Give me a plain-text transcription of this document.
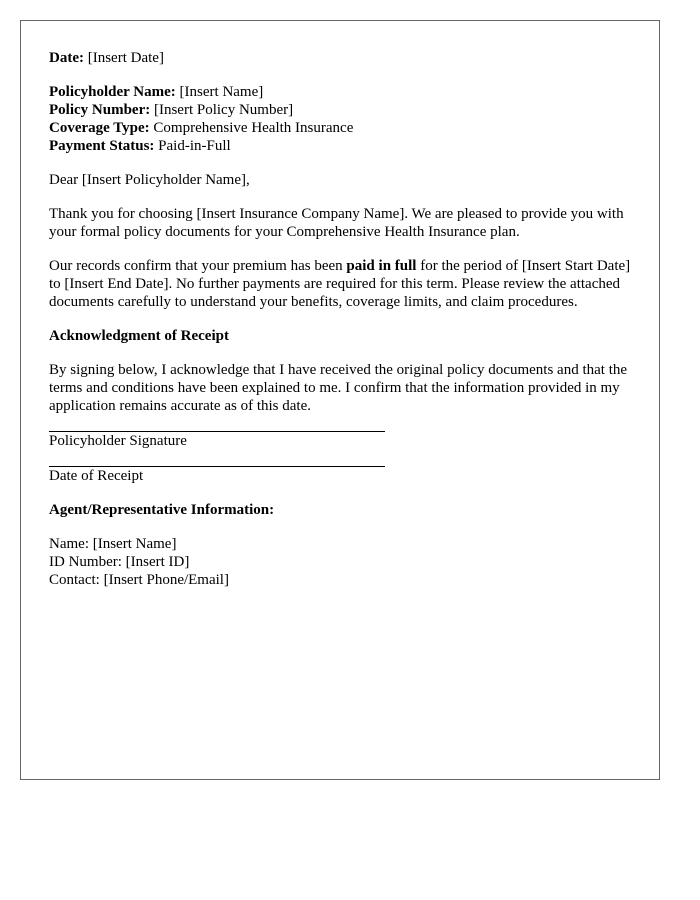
Date: [Insert Date]

Policyholder Name: [Insert Name]
Policy Number: [Insert Policy Number]
Coverage Type: Comprehensive Health Insurance
Payment Status: Paid-in-Full

Dear [Insert Policyholder Name],

Thank you for choosing [Insert Insurance Company Name]. We are pleased to provide you with your formal policy documents for your Comprehensive Health Insurance plan.

Our records confirm that your premium has been paid in full for the period of [Insert Start Date] to [Insert End Date]. No further payments are required for this term. Please review the attached documents carefully to understand your benefits, coverage limits, and claim procedures.

Acknowledgment of Receipt

By signing below, I acknowledge that I have received the original policy documents and that the terms and conditions have been explained to me. I confirm that the information provided in my application remains accurate as of this date.

Policyholder Signature
Date of Receipt

Agent/Representative Information:

Name: [Insert Name]
ID Number: [Insert ID]
Contact: [Insert Phone/Email]
